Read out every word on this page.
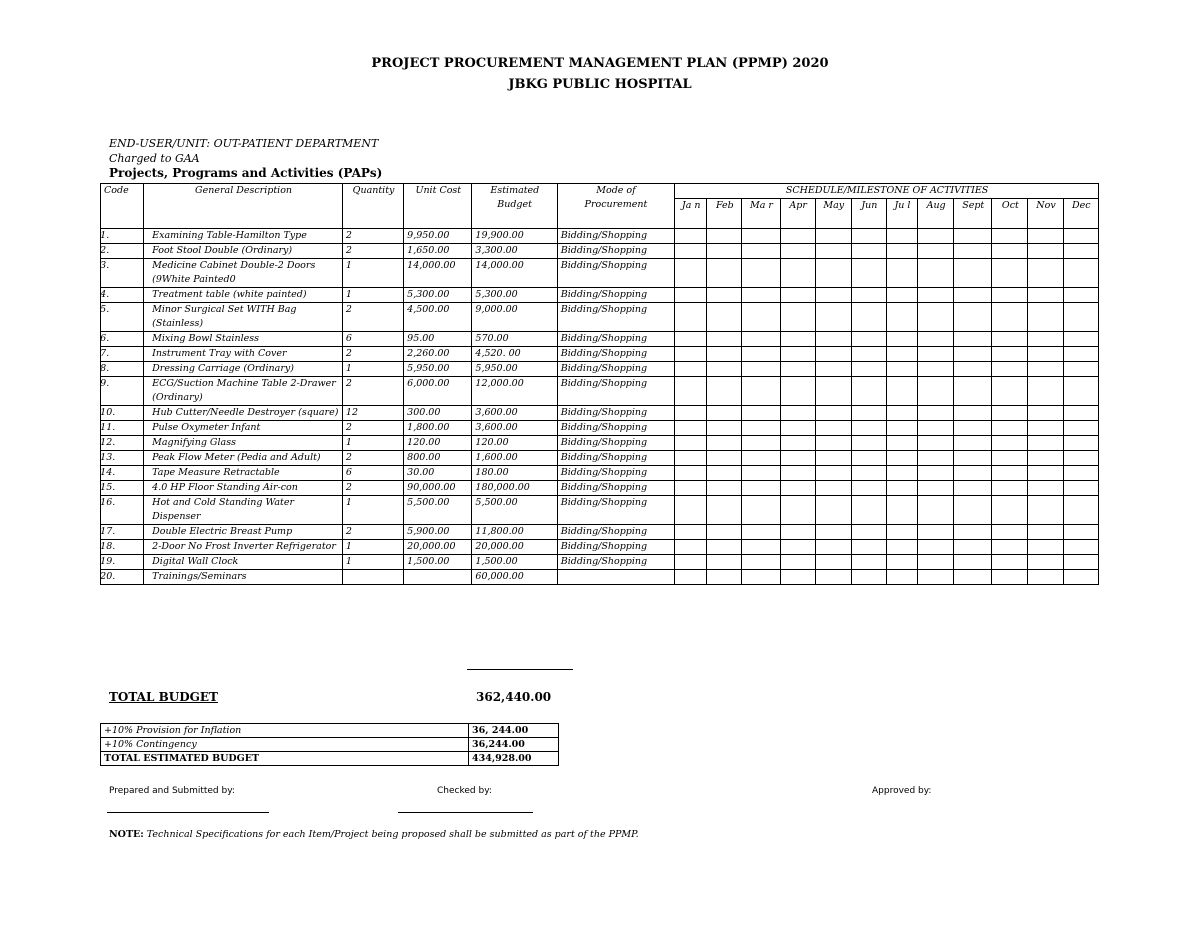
PROJECT PROCUREMENT MANAGEMENT PLAN (PPMP) 2020
JBKG PUBLIC HOSPITAL
END-USER/UNIT: OUT-PATIENT DEPARTMENT
Charged to GAA
Projects, Programs and Activities (PAPs)
Code	General Description	Quantity	Unit Cost	Estimated Budget	Mode of Procurement	SCHEDULE/MILESTONE OF ACTIVITIES											
						Ja n	Feb	Ma r	Apr	May	Jun	Ju l	Aug	Sept	Oct	Nov	Dec
	1. Examining Table-Hamilton Type	2	9,950.00	19,900.00	Bidding/Shopping												
	2. Foot Stool Double (Ordinary)	2	1,650.00	3,300.00	Bidding/Shopping												
	3. Medicine Cabinet Double-2 Doors (9White Painted0	1	14,000.00	14,000.00	Bidding/Shopping												
	4. Treatment table (white painted)	1	5,300.00	5,300.00	Bidding/Shopping												
	5. Minor Surgical Set WITH Bag (Stainless)	2	4,500.00	9,000.00	Bidding/Shopping												
	6. Mixing Bowl Stainless	6	95.00	570.00	Bidding/Shopping												
	7. Instrument Tray with Cover	2	2,260.00	4,520. 00	Bidding/Shopping												
	8. Dressing Carriage (Ordinary)	1	5,950.00	5,950.00	Bidding/Shopping												
	9. ECG/Suction Machine Table 2-Drawer (Ordinary)	2	6,000.00	12,000.00	Bidding/Shopping												
	10. Hub Cutter/Needle Destroyer (square)	12	300.00	3,600.00	Bidding/Shopping												
	11. Pulse Oxymeter Infant	2	1,800.00	3,600.00	Bidding/Shopping												
	12. Magnifying Glass	1	120.00	120.00	Bidding/Shopping												
	13. Peak Flow Meter (Pedia and Adult)	2	800.00	1,600.00	Bidding/Shopping												
	14. Tape Measure Retractable	6	30.00	180.00	Bidding/Shopping												
	15. 4.0 HP Floor Standing Air-con	2	90,000.00	180,000.00	Bidding/Shopping												
	16. Hot and Cold Standing Water Dispenser	1	5,500.00	5,500.00	Bidding/Shopping												
	17. Double Electric Breast Pump	2	5,900.00	11,800.00	Bidding/Shopping												
	18. 2-Door No Frost Inverter Refrigerator	1	20,000.00	20,000.00	Bidding/Shopping												
	19. Digital Wall Clock	1	1,500.00	1,500.00	Bidding/Shopping												
	20. Trainings/Seminars			60,000.00													
TOTAL BUDGET	362,440.00
+10% Provision for Inflation	36, 244.00
+10% Contingency	36,244.00
TOTAL ESTIMATED BUDGET	434,928.00
Prepared and Submitted by:	Checked by:	Approved by:
NOTE: Technical Specifications for each Item/Project being proposed shall be submitted as part of the PPMP.
